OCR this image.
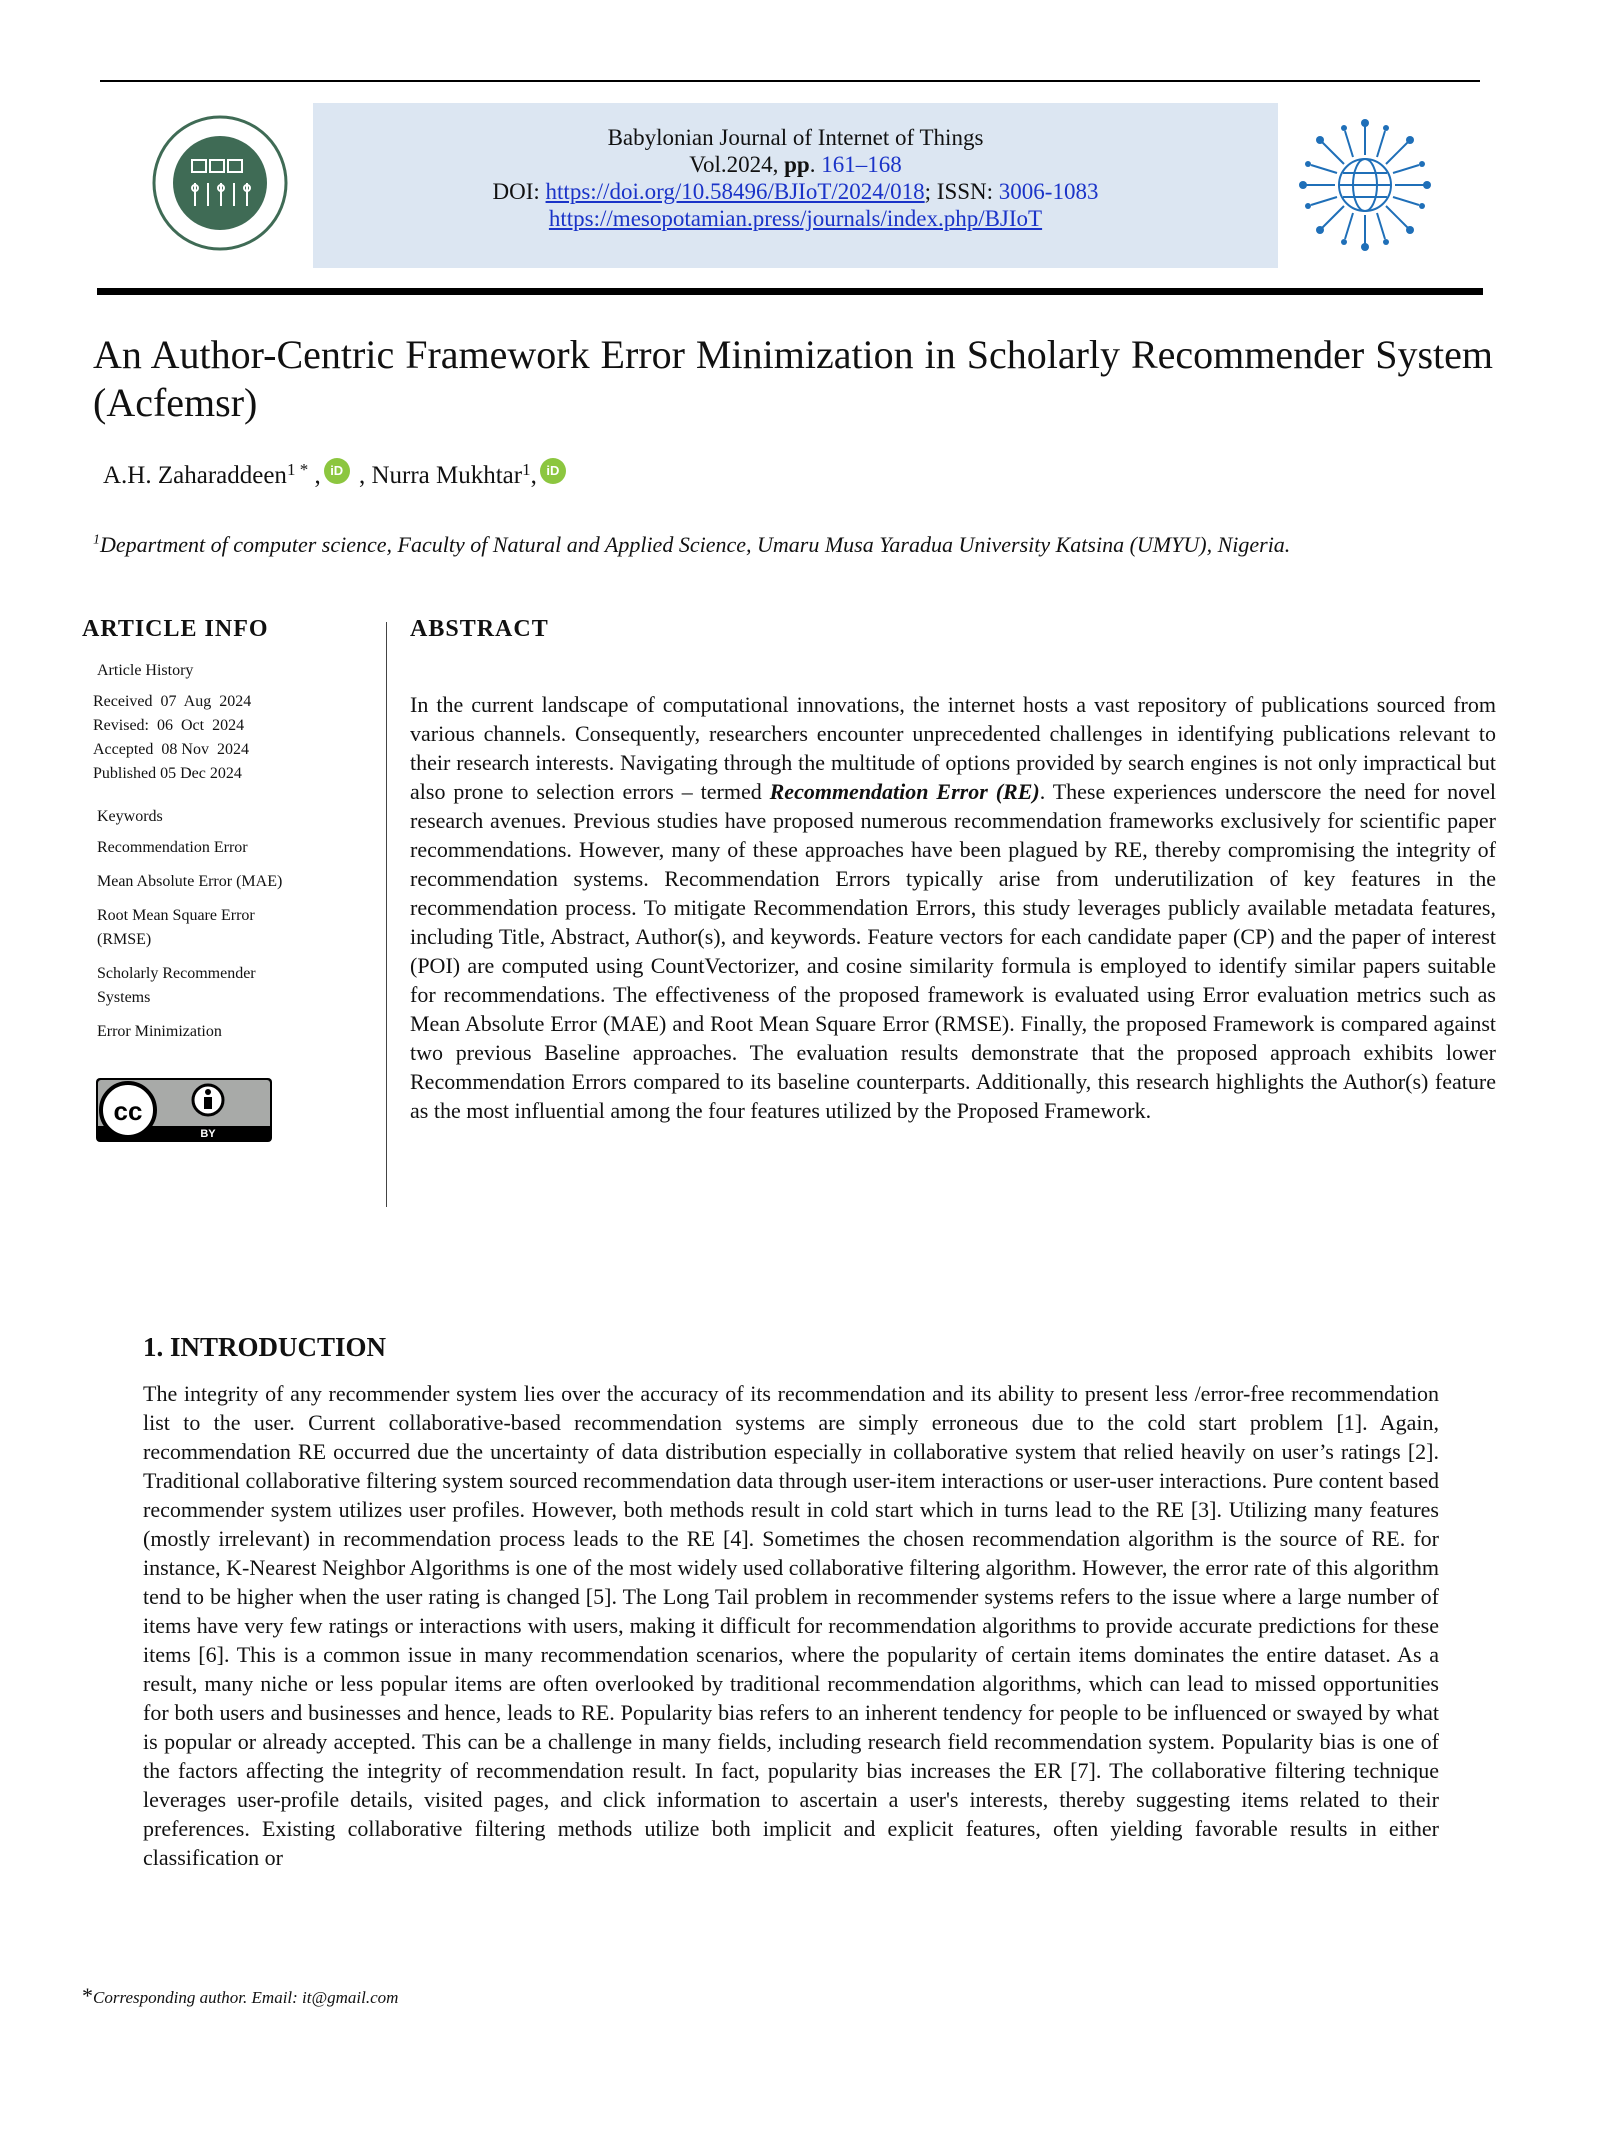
Babylonian Journal of Internet of Things
Vol.2024, pp. 161–168
DOI: https://doi.org/10.58496/BJIoT/2024/018; ISSN: 3006-1083
https://mesopotamian.press/journals/index.php/BJIoT
An Author-Centric Framework Error Minimization in Scholarly Recommender System (Acfemsr)
A.H. Zaharaddeen$^{1 *}$ , iD , Nurra Mukhtar$^1$, iD
$^1$Department of computer science, Faculty of Natural and Applied Science, Umaru Musa Yaradua University Katsina (UMYU), Nigeria.
ARTICLE INFO	ABSTRACT
Article History
Received  07  Aug  2024
Revised:  06  Oct  2024
Accepted  08 Nov  2024
Published 05 Dec 2024
Keywords
Recommendation Error
Mean Absolute Error (MAE)
Root Mean Square Error (RMSE)
Scholarly Recommender Systems
Error Minimization
cc
BY
In the current landscape of computational innovations, the internet hosts a vast repository of publications sourced from various channels. Consequently, researchers encounter unprecedented challenges in identifying publications relevant to their research interests. Navigating through the multitude of options provided by search engines is not only impractical but also prone to selection errors – termed Recommendation Error (RE). These experiences underscore the need for novel research avenues. Previous studies have proposed numerous recommendation frameworks exclusively for scientific paper recommendations. However, many of these approaches have been plagued by RE, thereby compromising the integrity of recommendation systems. Recommendation Errors typically arise from underutilization of key features in the recommendation process. To mitigate Recommendation Errors, this study leverages publicly available metadata features, including Title, Abstract, Author(s), and keywords. Feature vectors for each candidate paper (CP) and the paper of interest (POI) are computed using CountVectorizer, and cosine similarity formula is employed to identify similar papers suitable for recommendations. The effectiveness of the proposed framework is evaluated using Error evaluation metrics such as Mean Absolute Error (MAE) and Root Mean Square Error (RMSE). Finally, the proposed Framework is compared against two previous Baseline approaches. The evaluation results demonstrate that the proposed approach exhibits lower Recommendation Errors compared to its baseline counterparts. Additionally, this research highlights the Author(s) feature as the most influential among the four features utilized by the Proposed Framework.
1. INTRODUCTION
The integrity of any recommender system lies over the accuracy of its recommendation and its ability to present less /error-free recommendation list to the user. Current collaborative-based recommendation systems are simply erroneous due to the cold start problem [1]. Again, recommendation RE occurred due the uncertainty of data distribution especially in collaborative system that relied heavily on user’s ratings [2]. Traditional collaborative filtering system sourced recommendation data through user-item interactions or user-user interactions. Pure content based recommender system utilizes user profiles. However, both methods result in cold start which in turns lead to the RE [3]. Utilizing many features (mostly irrelevant) in recommendation process leads to the RE [4]. Sometimes the chosen recommendation algorithm is the source of RE. for instance, K-Nearest Neighbor Algorithms is one of the most widely used collaborative filtering algorithm. However, the error rate of this algorithm tend to be higher when the user rating is changed [5]. The Long Tail problem in recommender systems refers to the issue where a large number of items have very few ratings or interactions with users, making it difficult for recommendation algorithms to provide accurate predictions for these items [6]. This is a common issue in many recommendation scenarios, where the popularity of certain items dominates the entire dataset. As a result, many niche or less popular items are often overlooked by traditional recommendation algorithms, which can lead to missed opportunities for both users and businesses and hence, leads to RE. Popularity bias refers to an inherent tendency for people to be influenced or swayed by what is popular or already accepted. This can be a challenge in many fields, including research field recommendation system. Popularity bias is one of the factors affecting the integrity of recommendation result. In fact, popularity bias increases the ER [7]. The collaborative filtering technique leverages user-profile details, visited pages, and click information to ascertain a user's interests, thereby suggesting items related to their preferences. Existing collaborative filtering methods utilize both implicit and explicit features, often yielding favorable results in either classification or
*Corresponding author. Email: it@gmail.com
